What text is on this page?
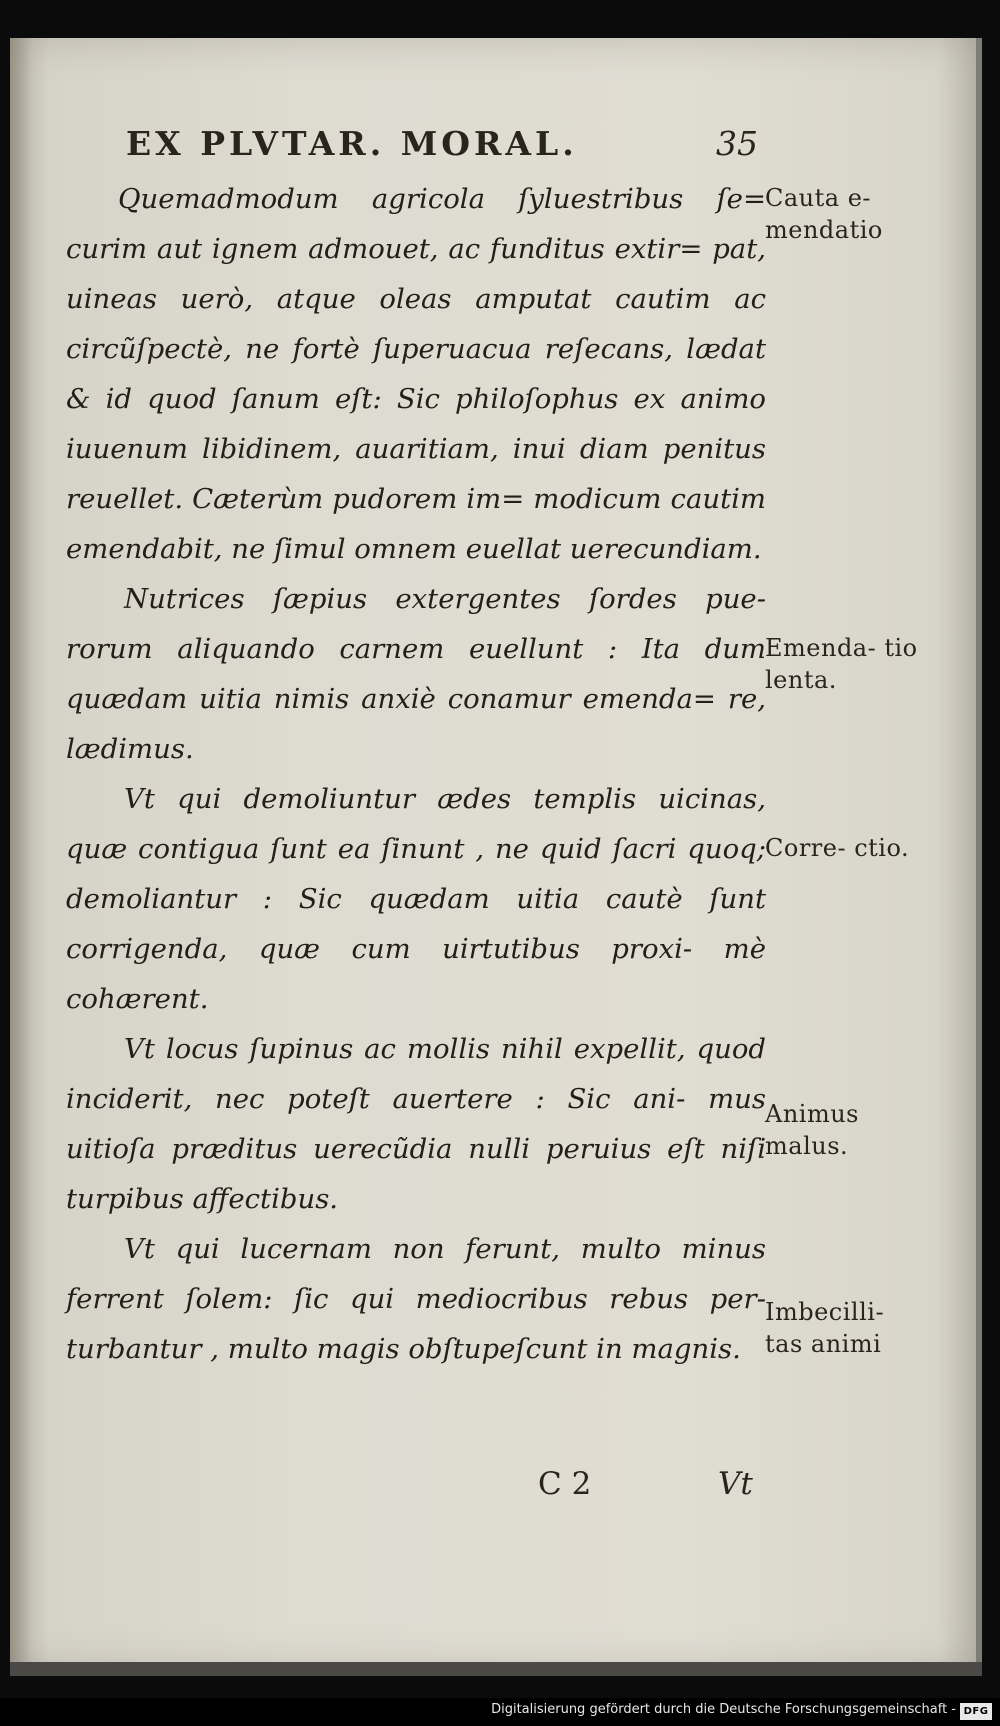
EX PLVTAR. MORAL.	35

Quemadmodum agricola ſyluestribus ſe= curim aut ignem admouet, ac funditus extir= pat, uineas uerò, atque oleas amputat cautim ac circũſpectè, ne fortè ſuperuacua reſecans, lædat & id quod ſanum eſt: Sic philoſophus ex animo iuuenum libidinem, auaritiam, inui diam penitus reuellet. Cæterùm pudorem im= modicum cautim emendabit, ne ſimul omnem euellat uerecundiam.

Nutrices ſæpius extergentes ſordes pue- rorum aliquando carnem euellunt : Ita dum quædam uitia nimis anxiè conamur emenda= re, lædimus.

Vt qui demoliuntur ædes templis uicinas, quæ contigua ſunt ea ſinunt , ne quid ſacri quoq; demoliantur : Sic quædam uitia cautè ſunt corrigenda, quæ cum uirtutibus proxi- mè cohærent.

Vt locus ſupinus ac mollis nihil expellit, quod inciderit, nec poteſt auertere : Sic ani- mus uitioſa præditus uerecũdia nulli peruius eſt niſi turpibus affectibus.

Vt qui lucernam non ferunt, multo minus ferrent ſolem: ſic qui mediocribus rebus per- turbantur , multo magis obſtupeſcunt in magnis.

Cauta e- mendatio
Emenda- tio lenta.
Corre- ctio.
Animus malus.
Imbecilli- tas animi
C 2	Vt
Digitalisierung gefördert durch die Deutsche Forschungsgemeinschaft - DFG
